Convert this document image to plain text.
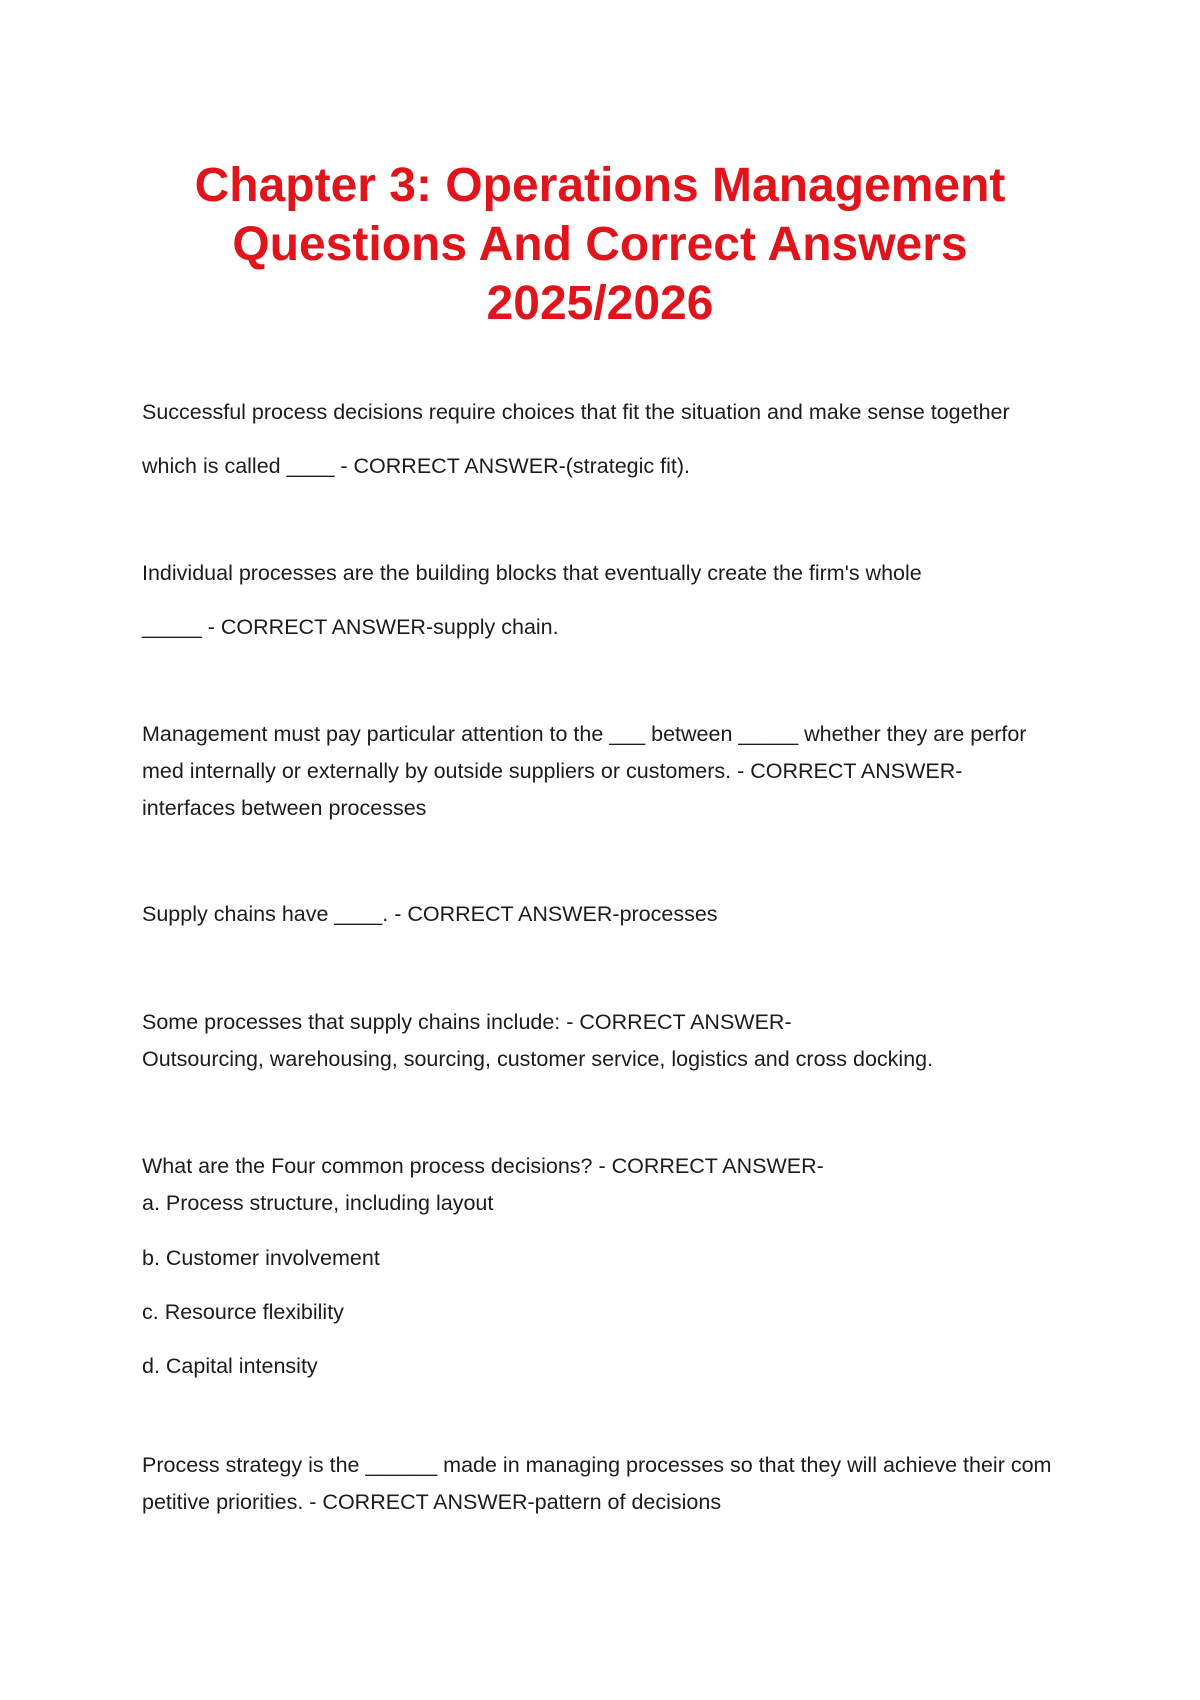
Chapter 3: Operations Management
Questions And Correct Answers
2025/2026

Successful process decisions require choices that fit the situation and make sense together

which is called ____ - CORRECT ANSWER-(strategic fit).

Individual processes are the building blocks that eventually create the firm's whole

_____ - CORRECT ANSWER-supply chain.

Management must pay particular attention to the ___ between _____ whether they are perfor

med internally or externally by outside suppliers or customers. - CORRECT ANSWER-

interfaces between processes

Supply chains have ____. - CORRECT ANSWER-processes

Some processes that supply chains include: - CORRECT ANSWER-

Outsourcing, warehousing, sourcing, customer service, logistics and cross docking.

What are the Four common process decisions? - CORRECT ANSWER-

a. Process structure, including layout

b. Customer involvement

c. Resource flexibility

d. Capital intensity

Process strategy is the ______ made in managing processes so that they will achieve their com

petitive priorities. - CORRECT ANSWER-pattern of decisions
